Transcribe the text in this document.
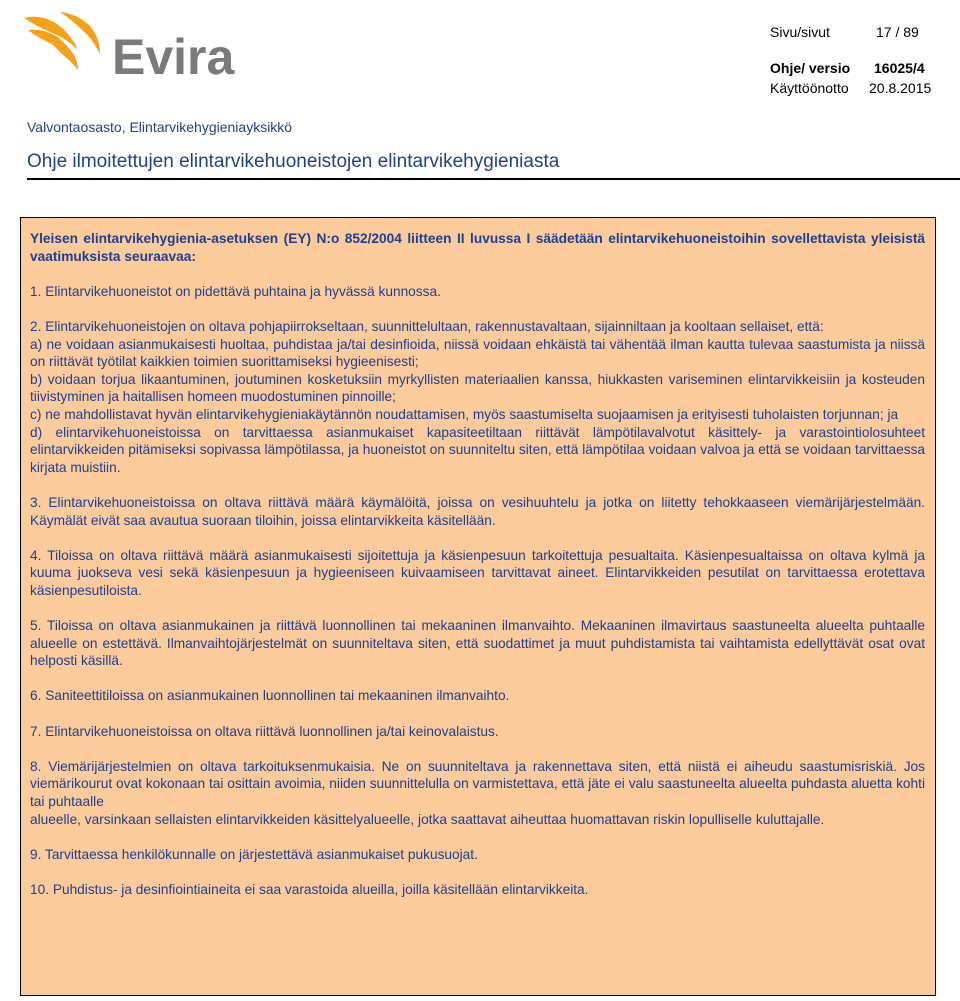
Evira	Sivu/sivut	17 / 89
Ohje/ versio 16025/4
Käyttöönotto 20.8.2015
Valvontaosasto, Elintarvikehygieniayksikkö
Ohje ilmoitettujen elintarvikehuoneistojen elintarvikehygieniasta

Yleisen elintarvikehygienia-asetuksen (EY) N:o 852/2004 liitteen II luvussa I säädetään elintarvikehuoneistoihin sovellettavista yleisistä vaatimuksista seuraavaa:

1. Elintarvikehuoneistot on pidettävä puhtaina ja hyvässä kunnossa.

2. Elintarvikehuoneistojen on oltava pohjapiirrokseltaan, suunnittelultaan, rakennustavaltaan, sijainniltaan ja kooltaan sellaiset, että:

a) ne voidaan asianmukaisesti huoltaa, puhdistaa ja/tai desinfioida, niissä voidaan ehkäistä tai vähentää ilman kautta tulevaa saastumista ja niissä on riittävät työtilat kaikkien toimien suorittamiseksi hygieenisesti;

b) voidaan torjua likaantuminen, joutuminen kosketuksiin myrkyllisten materiaalien kanssa, hiukkasten variseminen elintarvikkeisiin ja kosteuden tiivistyminen ja haitallisen homeen muodostuminen pinnoille;

c) ne mahdollistavat hyvän elintarvikehygieniakäytännön noudattamisen, myös saastumiselta suojaamisen ja erityisesti tuholaisten torjunnan; ja

d) elintarvikehuoneistoissa on tarvittaessa asianmukaiset kapasiteetiltaan riittävät lämpötilavalvotut käsittely- ja varastointiolosuhteet elintarvikkeiden pitämiseksi sopivassa lämpötilassa, ja huoneistot on suunniteltu siten, että lämpötilaa voidaan valvoa ja että se voidaan tarvittaessa kirjata muistiin.

3. Elintarvikehuoneistoissa on oltava riittävä määrä käymälöitä, joissa on vesihuuhtelu ja jotka on liitetty tehokkaaseen viemärijärjestelmään. Käymälät eivät saa avautua suoraan tiloihin, joissa elintarvikkeita käsitellään.

4. Tiloissa on oltava riittävä määrä asianmukaisesti sijoitettuja ja käsienpesuun tarkoitettuja pesualtaita. Käsienpesualtaissa on oltava kylmä ja kuuma juokseva vesi sekä käsienpesuun ja hygieeniseen kuivaamiseen tarvittavat aineet. Elintarvikkeiden pesutilat on tarvittaessa erotettava käsienpesutiloista.

5. Tiloissa on oltava asianmukainen ja riittävä luonnollinen tai mekaaninen ilmanvaihto. Mekaaninen ilmavirtaus saastuneelta alueelta puhtaalle alueelle on estettävä. Ilmanvaihtojärjestelmät on suunniteltava siten, että suodattimet ja muut puhdistamista tai vaihtamista edellyttävät osat ovat helposti käsillä.

6. Saniteettitiloissa on asianmukainen luonnollinen tai mekaaninen ilmanvaihto.

7. Elintarvikehuoneistoissa on oltava riittävä luonnollinen ja/tai keinovalaistus.

8. Viemärijärjestelmien on oltava tarkoituksenmukaisia. Ne on suunniteltava ja rakennettava siten, että niistä ei aiheudu saastumisriskiä. Jos viemärikourut ovat kokonaan tai osittain avoimia, niiden suunnittelulla on varmistettava, että jäte ei valu saastuneelta alueelta puhdasta aluetta kohti tai puhtaalle

alueelle, varsinkaan sellaisten elintarvikkeiden käsittelyalueelle, jotka saattavat aiheuttaa huomattavan riskin lopulliselle kuluttajalle.

9. Tarvittaessa henkilökunnalle on järjestettävä asianmukaiset pukusuojat.

10. Puhdistus- ja desinfiointiaineita ei saa varastoida alueilla, joilla käsitellään elintarvikkeita.
